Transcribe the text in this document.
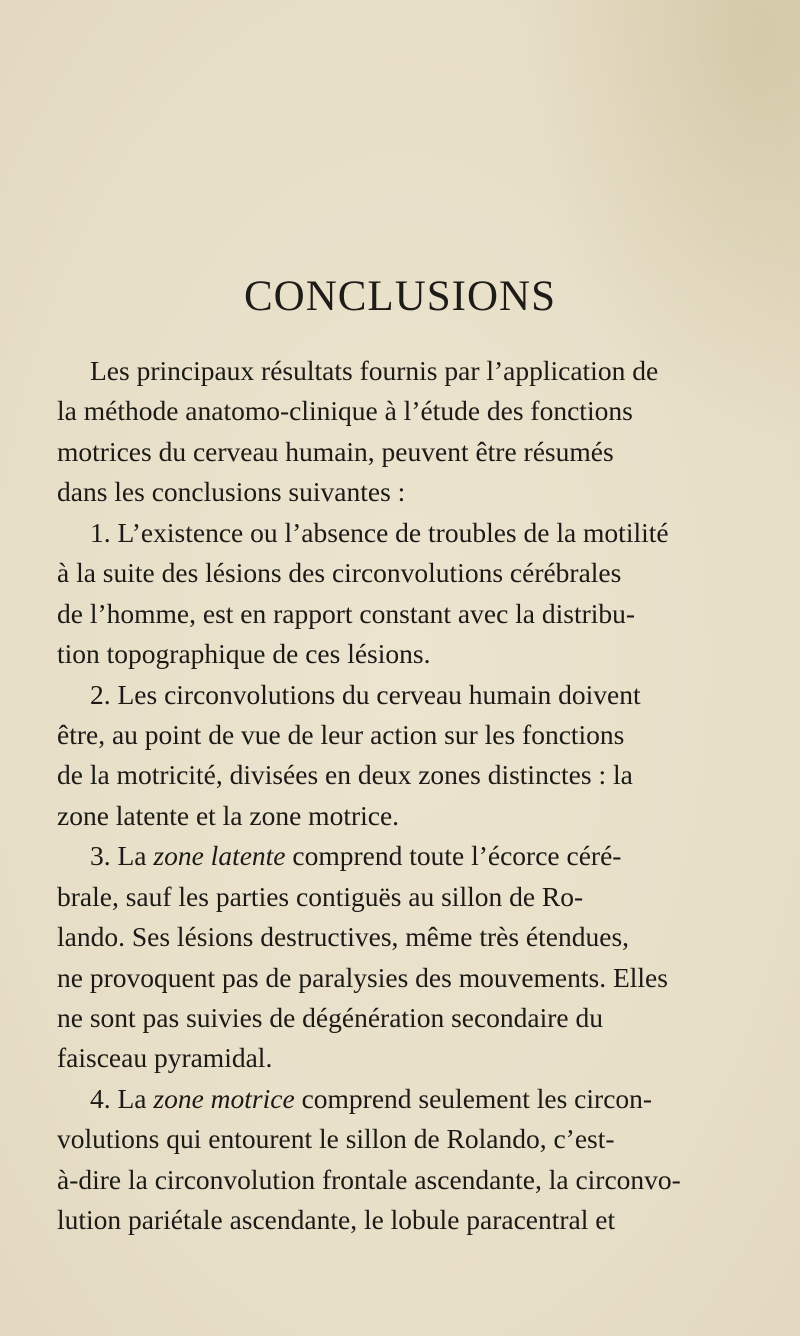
CONCLUSIONS
Les principaux résultats fournis par l’application de
la méthode anatomo-clinique à l’étude des fonctions
motrices du cerveau humain, peuvent être résumés
dans les conclusions suivantes :
1. L’existence ou l’absence de troubles de la motilité
à la suite des lésions des circonvolutions cérébrales
de l’homme, est en rapport constant avec la distribu-
tion topographique de ces lésions.
2. Les circonvolutions du cerveau humain doivent
être, au point de vue de leur action sur les fonctions
de la motricité, divisées en deux zones distinctes : la
zone latente et la zone motrice.
3. La zone latente comprend toute l’écorce céré-
brale, sauf les parties contiguës au sillon de Ro-
lando. Ses lésions destructives, même très étendues,
ne provoquent pas de paralysies des mouvements. Elles
ne sont pas suivies de dégénération secondaire du
faisceau pyramidal.
4. La zone motrice comprend seulement les circon-
volutions qui entourent le sillon de Rolando, c’est-
à-dire la circonvolution frontale ascendante, la circonvo-
lution pariétale ascendante, le lobule paracentral et
